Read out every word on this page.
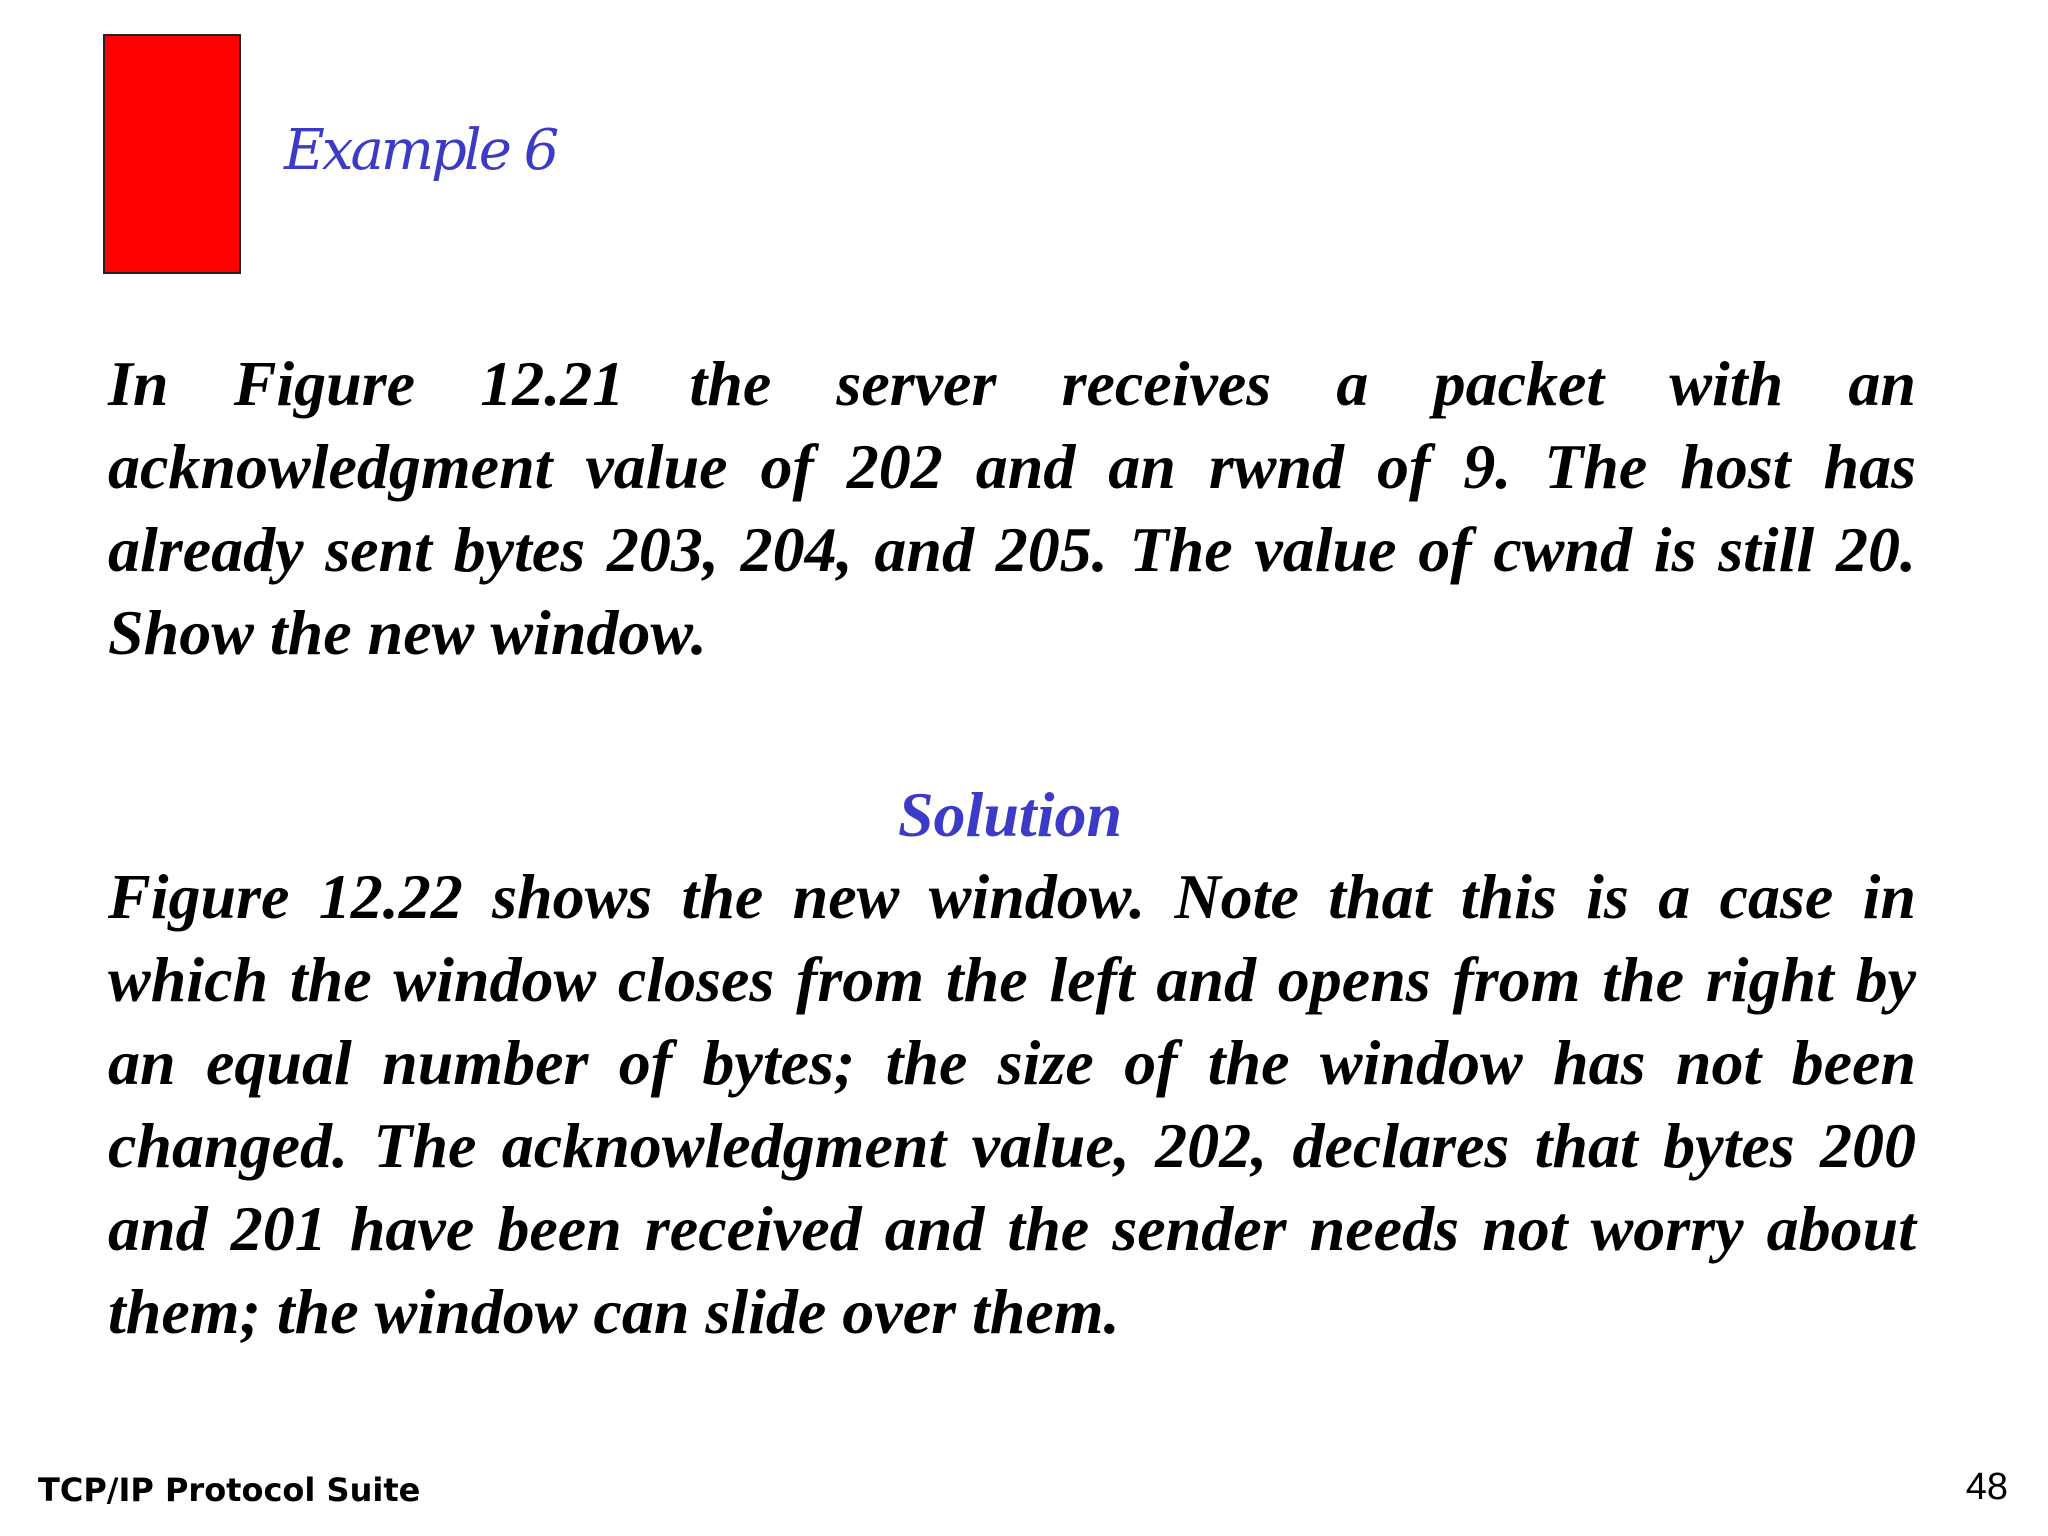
Example 6

In Figure 12.21 the server receives a packet with an acknowledgment value of 202 and an rwnd of 9. The host has already sent bytes 203, 204, and 205. The value of cwnd is still 20. Show the new window.

Solution

Figure 12.22 shows the new window. Note that this is a case in which the window closes from the left and opens from the right by an equal number of bytes; the size of the window has not been changed. The acknowledgment value, 202, declares that bytes 200 and 201 have been received and the sender needs not worry about them; the window can slide over them.

TCP/IP Protocol Suite	48
